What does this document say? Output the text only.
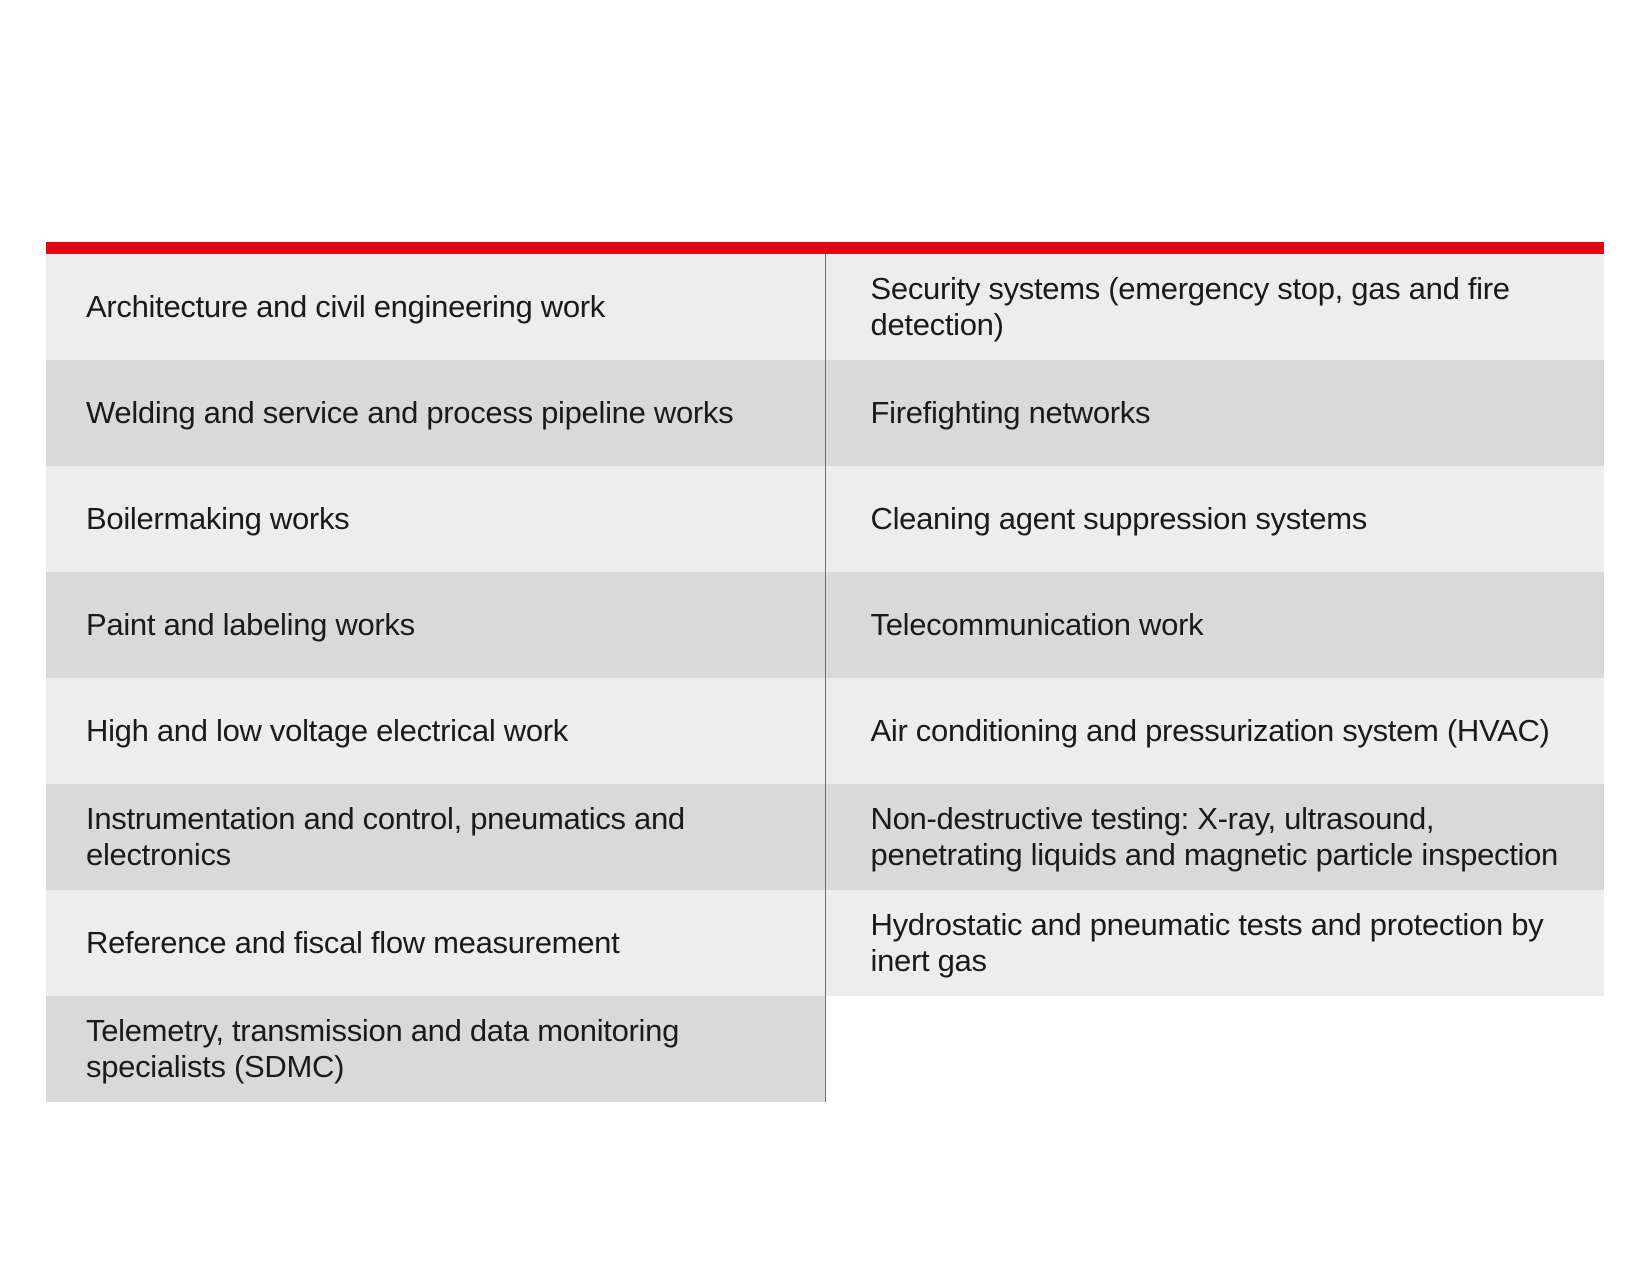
Architecture and civil engineering work
Welding and service and process pipeline works
Boilermaking works
Paint and labeling works
High and low voltage electrical work
Instrumentation and control, pneumatics and electronics
Reference and fiscal flow measurement
Telemetry, transmission and data monitoring specialists (SDMC)
Security systems (emergency stop, gas and fire detection)
Firefighting networks
Cleaning agent suppression systems
Telecommunication work
Air conditioning and pressurization system (HVAC)
Non-destructive testing: X-ray, ultrasound, penetrating liquids and magnetic particle inspection
Hydrostatic and pneumatic tests and protection by inert gas
